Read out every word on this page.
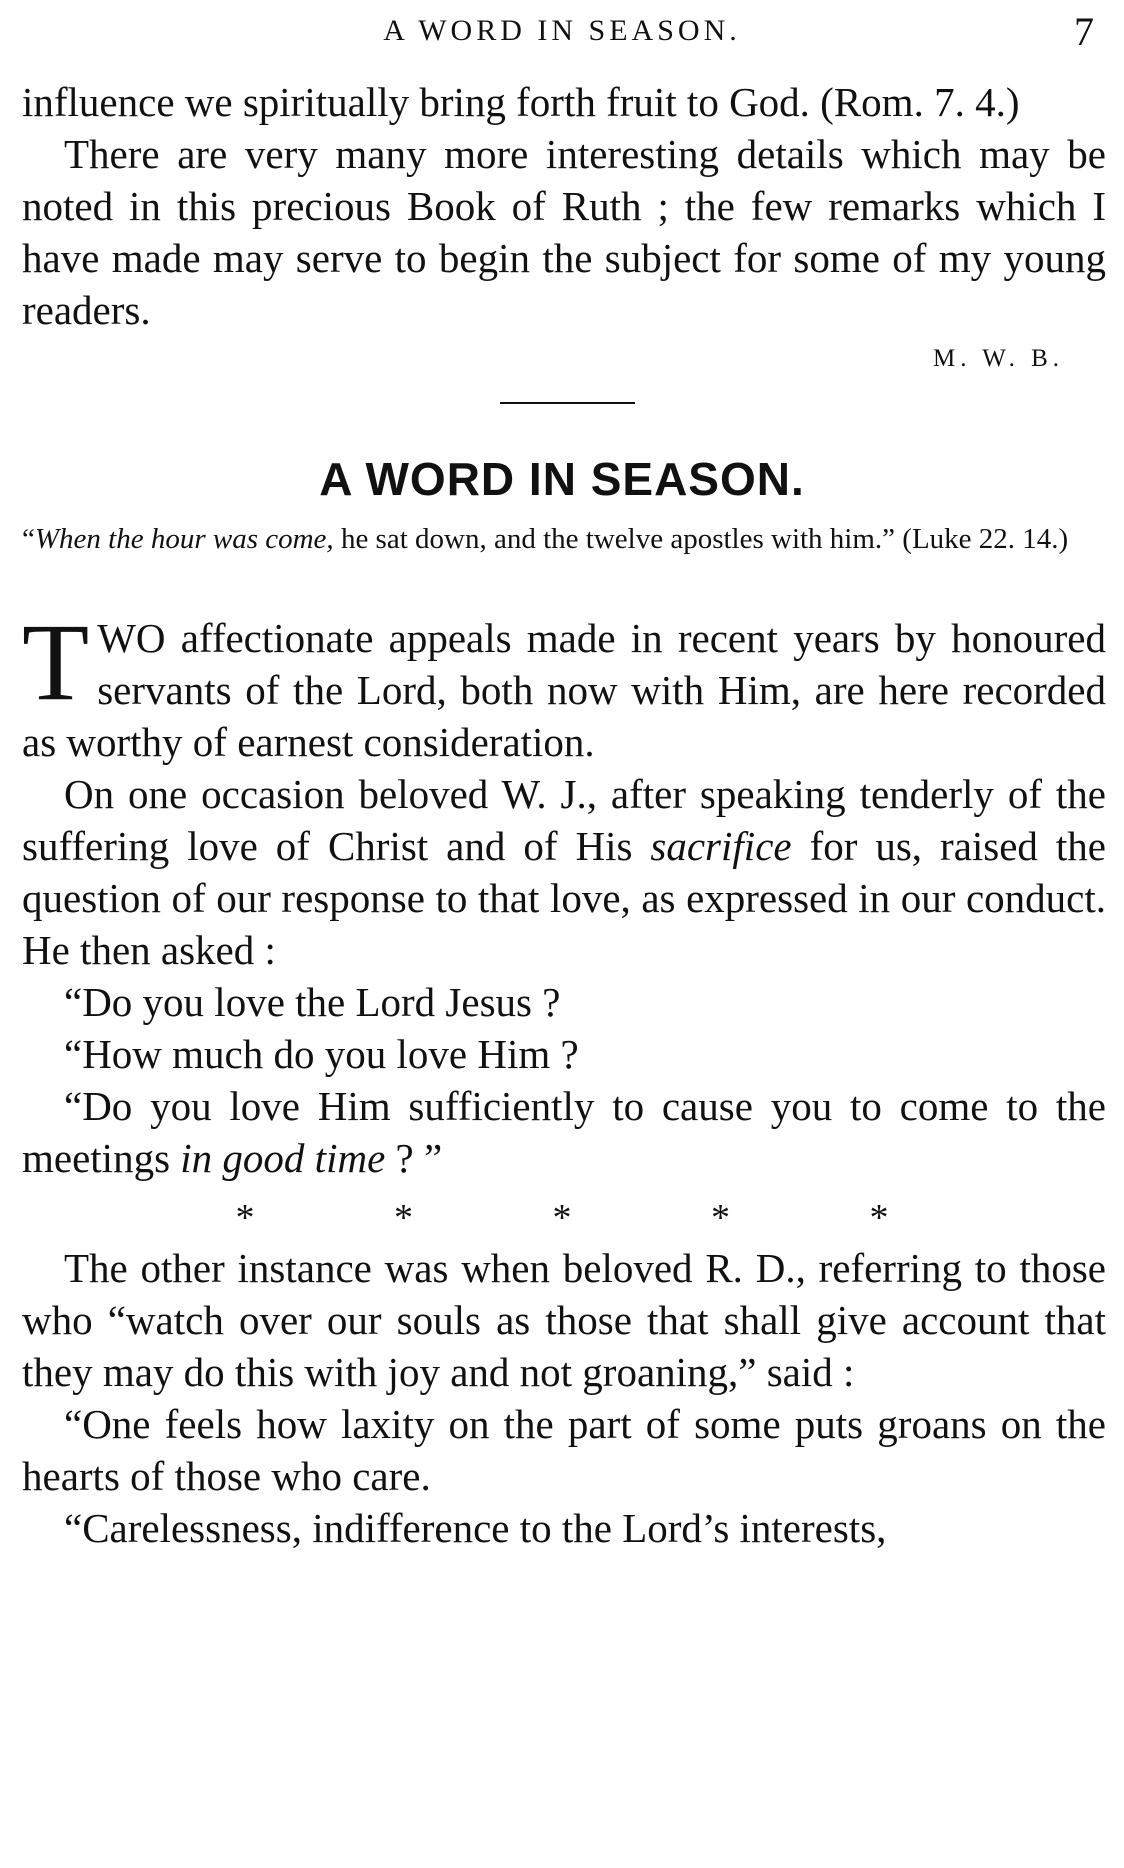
A WORD IN SEASON.	7

influence we spiritually bring forth fruit to God. (Rom. 7. 4.)

There are very many more interesting details which may be noted in this precious Book of Ruth ; the few remarks which I have made may serve to begin the subject for some of my young readers.

M. W. B.
A WORD IN SEASON.
“When the hour was come, he sat down, and the twelve apostles with him.” (Luke 22. 14.)

TWO affectionate appeals made in recent years by honoured servants of the Lord, both now with Him, are here recorded as worthy of earnest consideration.

On one occasion beloved W. J., after speaking tenderly of the suffering love of Christ and of His sacrifice for us, raised the question of our response to that love, as expressed in our conduct. He then asked :

“Do you love the Lord Jesus ?

“How much do you love Him ?

“Do you love Him sufficiently to cause you to come to the meetings in good time ? ”

* * * * *

The other instance was when beloved R. D., referring to those who “watch over our souls as those that shall give account that they may do this with joy and not groaning,” said :

“One feels how laxity on the part of some puts groans on the hearts of those who care.

“Carelessness, indifference to the Lord’s interests,
